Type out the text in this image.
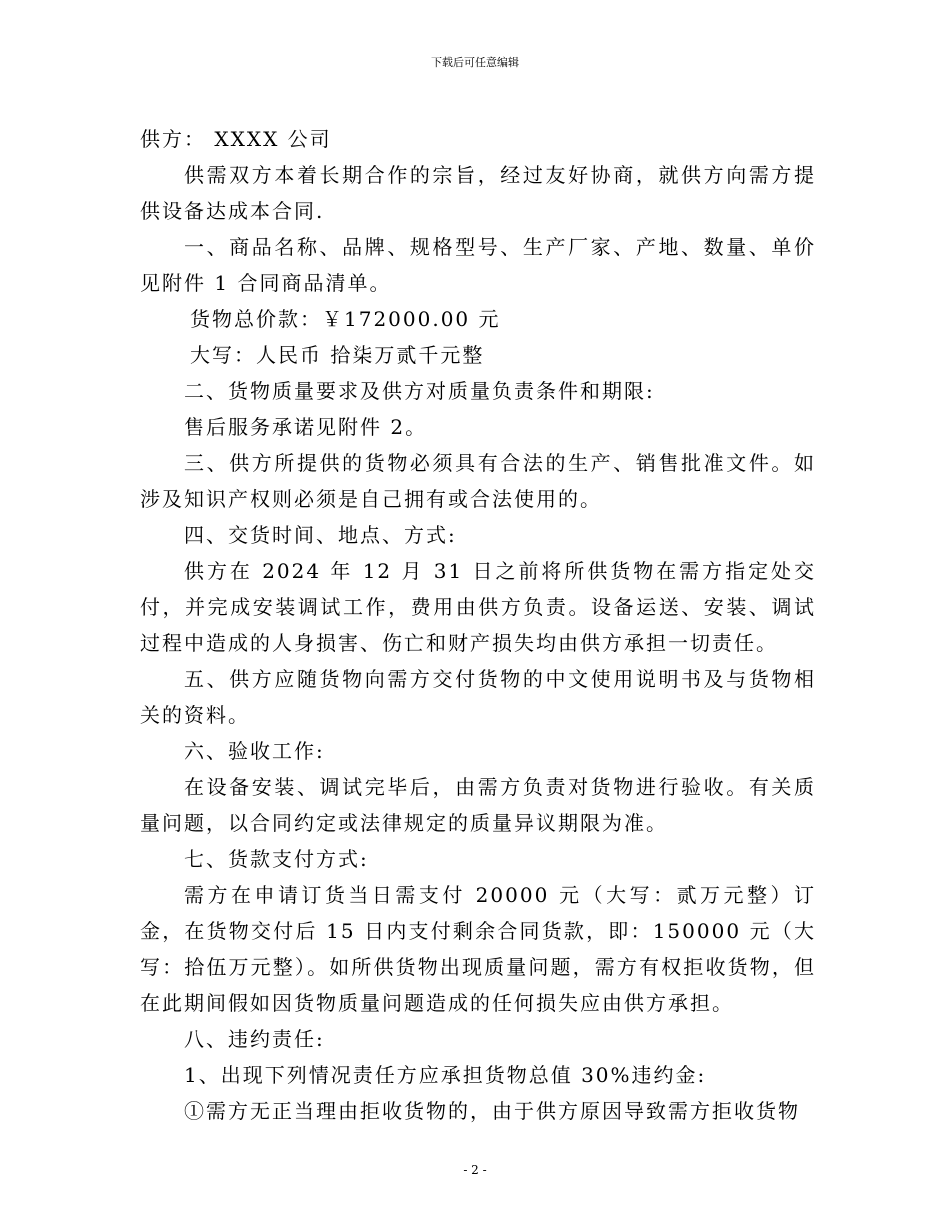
下载后可任意编辑

供方： XXXX 公司

供需双方本着长期合作的宗旨，经过友好协商，就供方向需方提供设备达成本合同.

一、商品名称、品牌、规格型号、生产厂家、产地、数量、单价见附件 1 合同商品清单。

货物总价款：￥172000.00 元

大写：人民币 拾柒万贰千元整

二、货物质量要求及供方对质量负责条件和期限:

售后服务承诺见附件 2。

三、供方所提供的货物必须具有合法的生产、销售批准文件。如涉及知识产权则必须是自己拥有或合法使用的。

四、交货时间、地点、方式:

供方在 2024 年 12 月 31 日之前将所供货物在需方指定处交付，并完成安装调试工作，费用由供方负责。设备运送、安装、调试过程中造成的人身损害、伤亡和财产损失均由供方承担一切责任。

五、供方应随货物向需方交付货物的中文使用说明书及与货物相关的资料。

六、验收工作:

在设备安装、调试完毕后，由需方负责对货物进行验收。有关质量问题，以合同约定或法律规定的质量异议期限为准。

七、货款支付方式:

需方在申请订货当日需支付 20000 元（大写：贰万元整）订金，在货物交付后 15 日内支付剩余合同货款，即：150000 元（大写：拾伍万元整）。如所供货物出现质量问题，需方有权拒收货物，但在此期间假如因货物质量问题造成的任何损失应由供方承担。

八、违约责任:

1、出现下列情况责任方应承担货物总值 30%违约金:

①需方无正当理由拒收货物的，由于供方原因导致需方拒收货物

- 2 -
